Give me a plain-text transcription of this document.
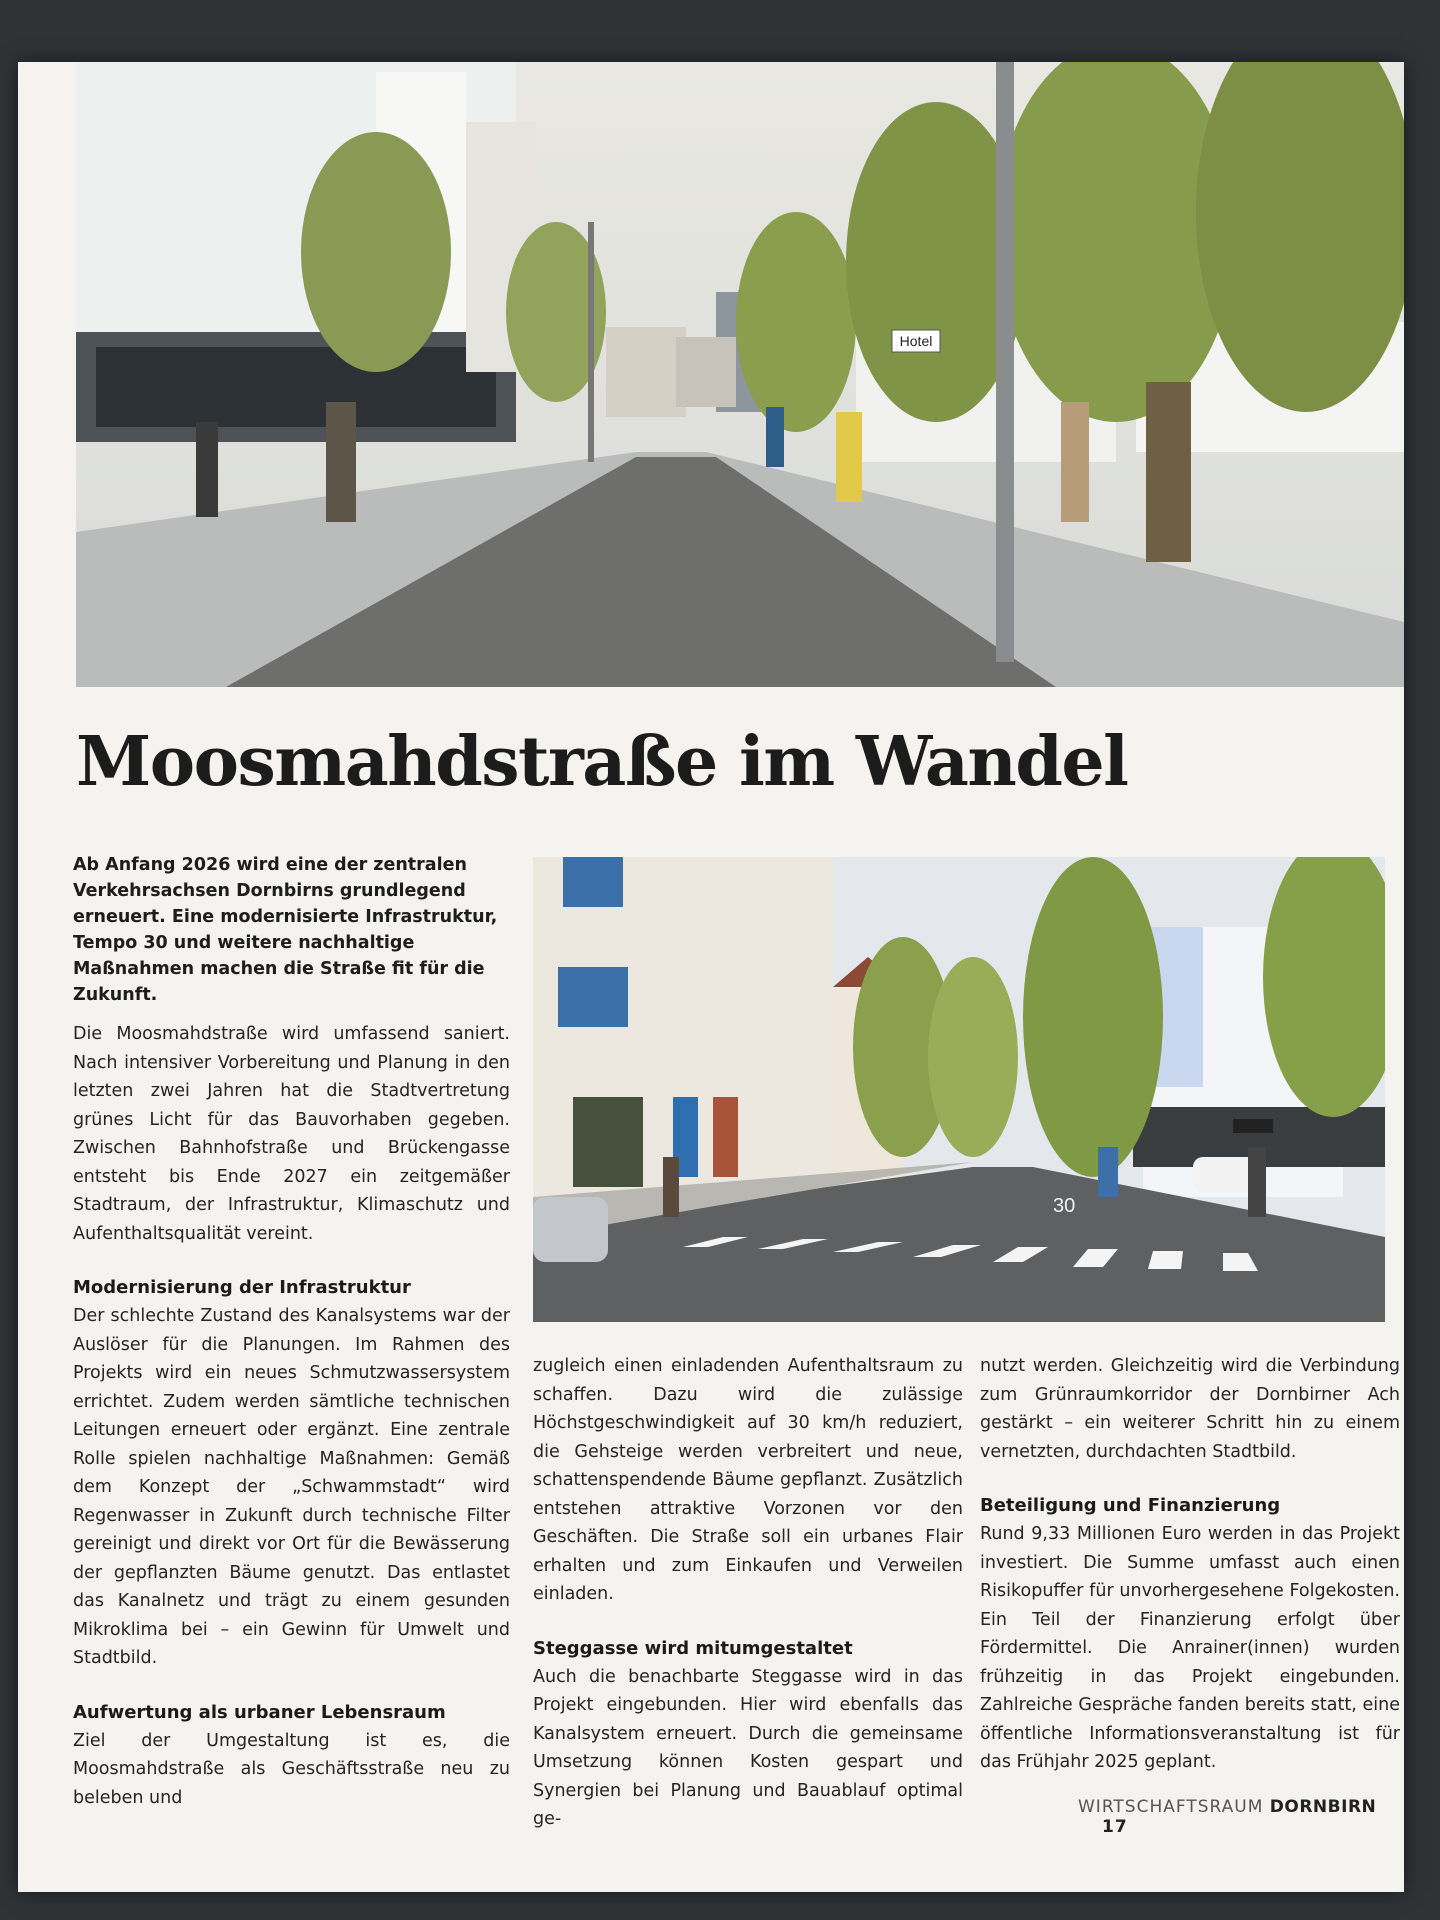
Hotel
Moosmahdstraße im Wandel

Ab Anfang 2026 wird eine der zentralen Verkehrsachsen Dornbirns grundlegend erneuert. Eine modernisierte Infrastruktur, Tempo 30 und weitere nachhaltige Maßnahmen machen die Straße fit für die Zukunft.

Die Moosmahdstraße wird umfassend saniert. Nach intensiver Vorbereitung und Planung in den letzten zwei Jahren hat die Stadtvertretung grünes Licht für das Bauvorhaben gegeben. Zwischen Bahnhofstraße und Brückengasse entsteht bis Ende 2027 ein zeitgemäßer Stadtraum, der Infrastruktur, Klimaschutz und Aufenthaltsqualität vereint.

Modernisierung der Infrastruktur

Der schlechte Zustand des Kanalsystems war der Auslöser für die Planungen. Im Rahmen des Projekts wird ein neues Schmutzwassersystem errichtet. Zudem werden sämtliche technischen Leitungen erneuert oder ergänzt. Eine zentrale Rolle spielen nachhaltige Maßnahmen: Gemäß dem Konzept der „Schwammstadt“ wird Regenwasser in Zukunft durch technische Filter gereinigt und direkt vor Ort für die Bewässerung der gepflanzten Bäume genutzt. Das entlastet das Kanalnetz und trägt zu einem gesunden Mikroklima bei – ein Gewinn für Umwelt und Stadtbild.

Aufwertung als urbaner Lebensraum

Ziel der Umgestaltung ist es, die Moosmahdstraße als Geschäftsstraße neu zu beleben und

30

zugleich einen einladenden Aufenthaltsraum zu schaffen. Dazu wird die zulässige Höchstgeschwindigkeit auf 30 km/h reduziert, die Gehsteige werden verbreitert und neue, schattenspendende Bäume gepflanzt. Zusätzlich entstehen attraktive Vorzonen vor den Geschäften. Die Straße soll ein urbanes Flair erhalten und zum Einkaufen und Verweilen einladen.

Steggasse wird mitumgestaltet

Auch die benachbarte Steggasse wird in das Projekt eingebunden. Hier wird ebenfalls das Kanalsystem erneuert. Durch die gemeinsame Umsetzung können Kosten gespart und Synergien bei Planung und Bauablauf optimal ge-

nutzt werden. Gleichzeitig wird die Verbindung zum Grünraumkorridor der Dornbirner Ach gestärkt – ein weiterer Schritt hin zu einem vernetzten, durchdachten Stadtbild.

Beteiligung und Finanzierung

Rund 9,33 Millionen Euro werden in das Projekt investiert. Die Summe umfasst auch einen Risikopuffer für unvorhergesehene Folgekosten. Ein Teil der Finanzierung erfolgt über Fördermittel. Die Anrainer(innen) wurden frühzeitig in das Projekt eingebunden. Zahlreiche Gespräche fanden bereits statt, eine öffentliche Informationsveranstaltung ist für das Frühjahr 2025 geplant.

WIRTSCHAFTSRAUM DORNBIRN 17
